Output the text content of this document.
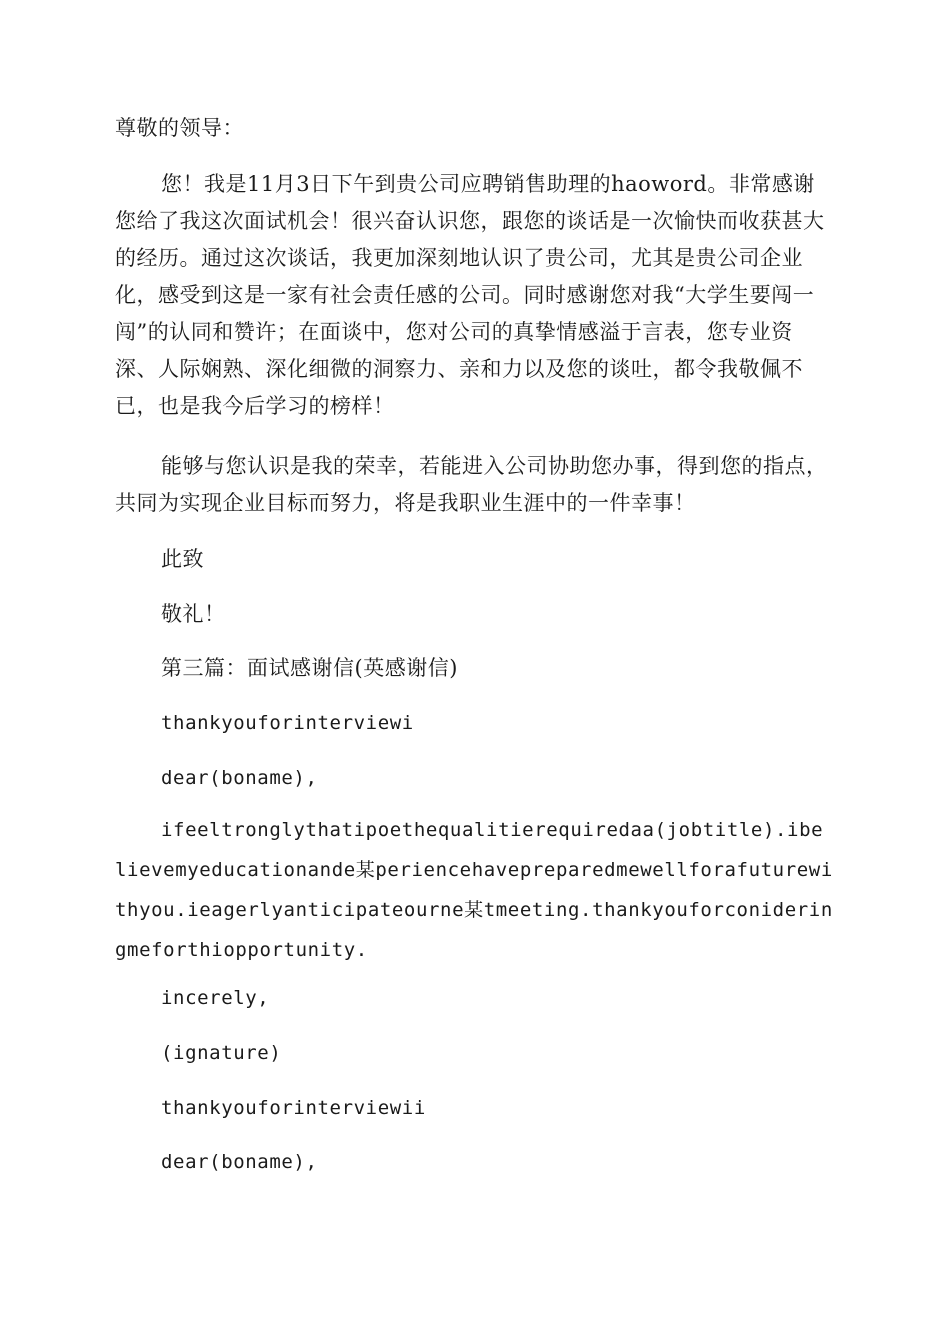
尊敬的领导：

您！我是11月3日下午到贵公司应聘销售助理的haoword。非常感谢您给了我这次面试机会！很兴奋认识您，跟您的谈话是一次愉快而收获甚大的经历。通过这次谈话，我更加深刻地认识了贵公司，尤其是贵公司企业化，感受到这是一家有社会责任感的公司。同时感谢您对我“大学生要闯一闯”的认同和赞许；在面谈中，您对公司的真挚情感溢于言表，您专业资深、人际娴熟、深化细微的洞察力、亲和力以及您的谈吐，都令我敬佩不已，也是我今后学习的榜样！

能够与您认识是我的荣幸，若能进入公司协助您办事，得到您的指点，共同为实现企业目标而努力，将是我职业生涯中的一件幸事！

此致

敬礼！

第三篇：面试感谢信(英感谢信)

thankyouforinterviewi

dear(boname),

ifeeltronglythatipoethequalitierequiredaa(jobtitle).ibelievemyeducationande某periencehavepreparedmewellforafuturewithyou.ieagerlyanticipateourne某tmeeting.thankyouforconideringmeforthiopportunity.

incerely,

(ignature)

thankyouforinterviewii

dear(boname),
